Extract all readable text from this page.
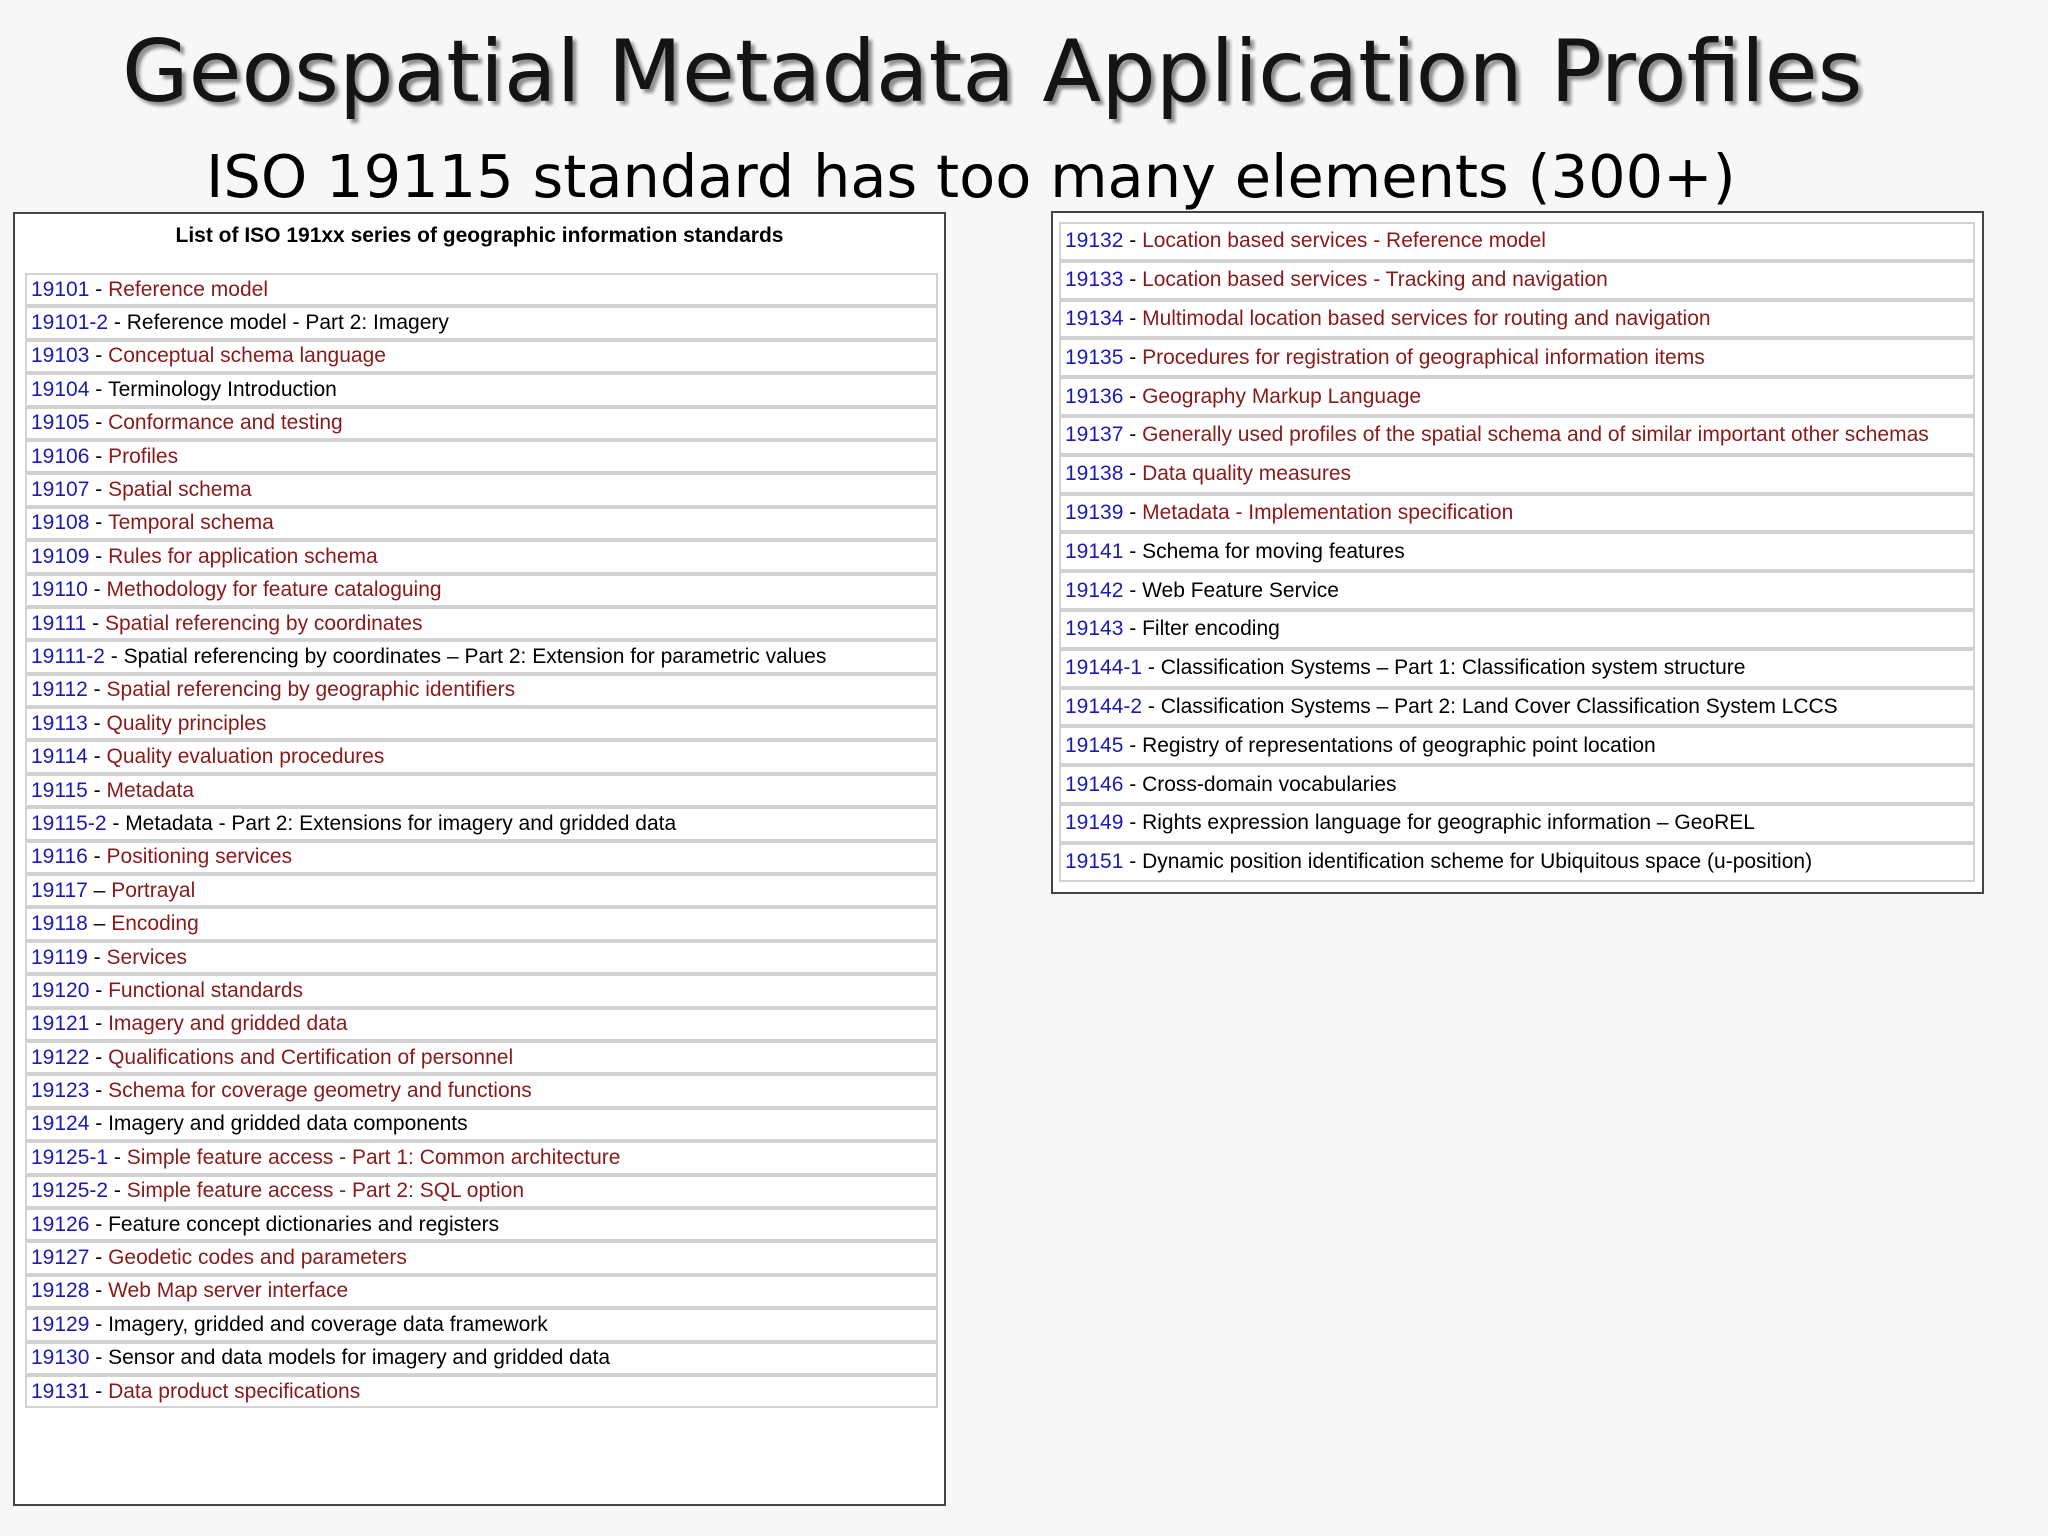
Geospatial Metadata Application Profiles
ISO 19115 standard has too many elements (300+)
List of ISO 191xx series of geographic information standards
19101 - Reference model
19101-2 - Reference model - Part 2: Imagery
19103 - Conceptual schema language
19104 - Terminology Introduction
19105 - Conformance and testing
19106 - Profiles
19107 - Spatial schema
19108 - Temporal schema
19109 - Rules for application schema
19110 - Methodology for feature cataloguing
19111 - Spatial referencing by coordinates
19111-2 - Spatial referencing by coordinates – Part 2: Extension for parametric values
19112 - Spatial referencing by geographic identifiers
19113 - Quality principles
19114 - Quality evaluation procedures
19115 - Metadata
19115-2 - Metadata - Part 2: Extensions for imagery and gridded data
19116 - Positioning services
19117 – Portrayal
19118 – Encoding
19119 - Services
19120 - Functional standards
19121 - Imagery and gridded data
19122 - Qualifications and Certification of personnel
19123 - Schema for coverage geometry and functions
19124 - Imagery and gridded data components
19125-1 - Simple feature access - Part 1: Common architecture
19125-2 - Simple feature access - Part 2: SQL option
19126 - Feature concept dictionaries and registers
19127 - Geodetic codes and parameters
19128 - Web Map server interface
19129 - Imagery, gridded and coverage data framework
19130 - Sensor and data models for imagery and gridded data
19131 - Data product specifications
19132 - Location based services - Reference model
19133 - Location based services - Tracking and navigation
19134 - Multimodal location based services for routing and navigation
19135 - Procedures for registration of geographical information items
19136 - Geography Markup Language
19137 - Generally used profiles of the spatial schema and of similar important other schemas
19138 - Data quality measures
19139 - Metadata - Implementation specification
19141 - Schema for moving features
19142 - Web Feature Service
19143 - Filter encoding
19144-1 - Classification Systems – Part 1: Classification system structure
19144-2 - Classification Systems – Part 2: Land Cover Classification System LCCS
19145 - Registry of representations of geographic point location
19146 - Cross-domain vocabularies
19149 - Rights expression language for geographic information – GeoREL
19151 - Dynamic position identification scheme for Ubiquitous space (u-position)
